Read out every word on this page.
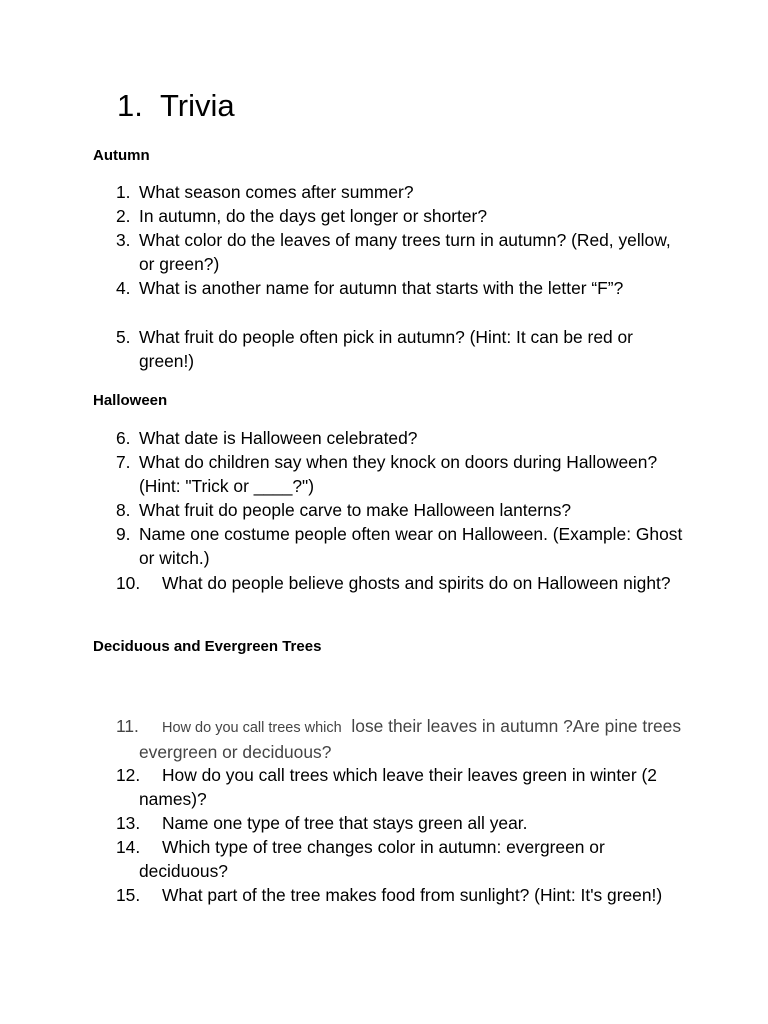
1. Trivia
Autumn
1. What season comes after summer?
2. In autumn, do the days get longer or shorter?
3. What color do the leaves of many trees turn in autumn? (Red, yellow, or green?)
4. What is another name for autumn that starts with the letter “F”?
5. What fruit do people often pick in autumn? (Hint: It can be red or green!)
Halloween
6. What date is Halloween celebrated?
7. What do children say when they knock on doors during Halloween? (Hint: "Trick or ____?")
8. What fruit do people carve to make Halloween lanterns?
9. Name one costume people often wear on Halloween. (Example: Ghost or witch.)
10.	What do people believe ghosts and spirits do on Halloween night?
Deciduous and Evergreen Trees
11.	How do you call trees which lose their leaves in autumn ?Are pine trees evergreen or deciduous?
12.	How do you call trees which leave their leaves green in winter (2 names)?
13.	Name one type of tree that stays green all year.
14.	Which type of tree changes color in autumn: evergreen or deciduous?
15.	What part of the tree makes food from sunlight? (Hint: It's green!)
